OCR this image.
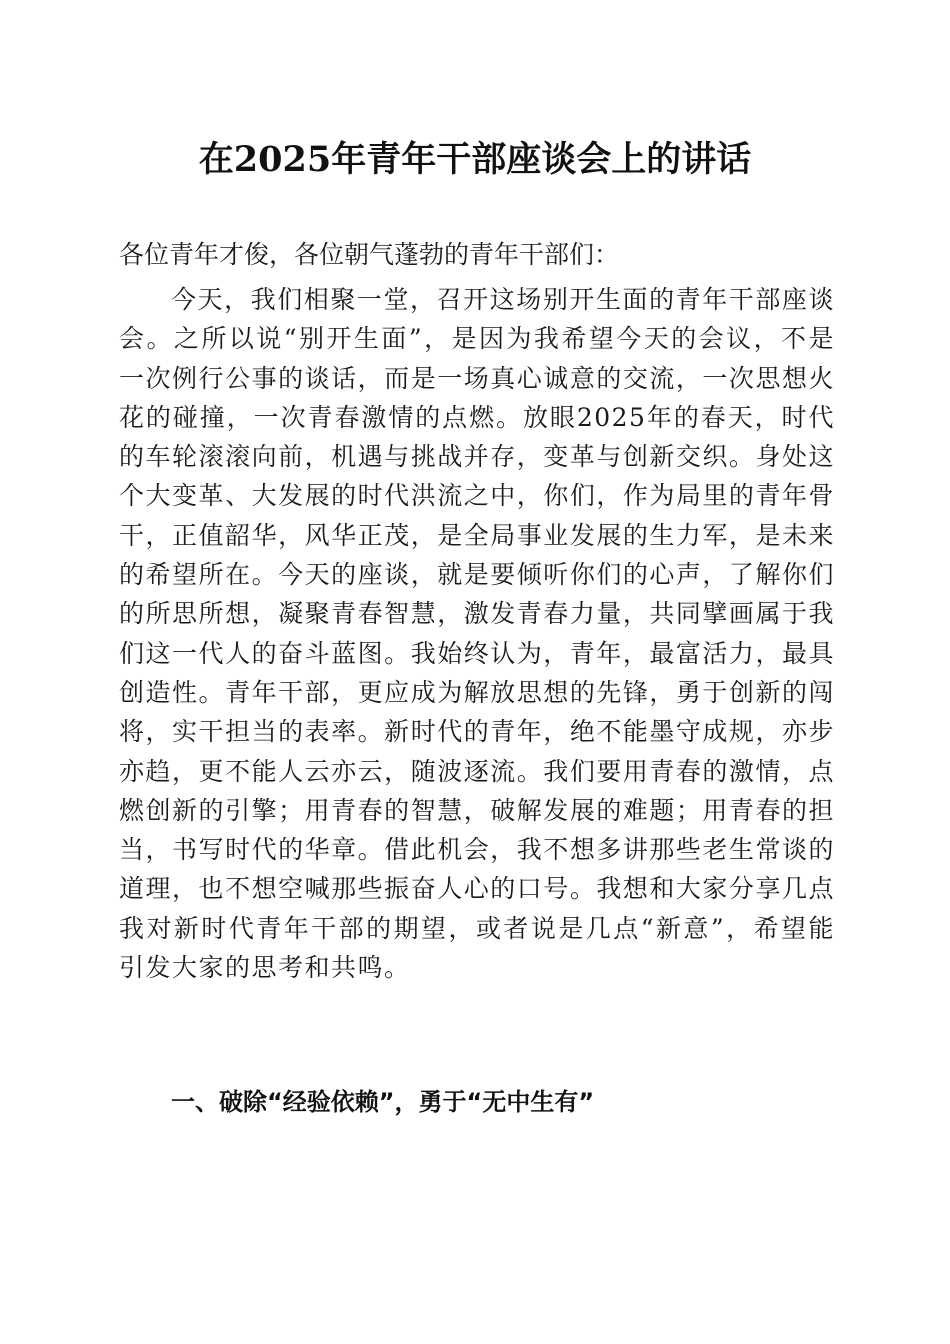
在2025年青年干部座谈会上的讲话

各位青年才俊，各位朝气蓬勃的青年干部们：

今天，我们相聚一堂，召开这场别开生面的青年干部座谈会。之所以说“别开生面”，是因为我希望今天的会议，不是一次例行公事的谈话，而是一场真心诚意的交流，一次思想火花的碰撞，一次青春激情的点燃。放眼2025年的春天，时代的车轮滚滚向前，机遇与挑战并存，变革与创新交织。身处这个大变革、大发展的时代洪流之中，你们，作为局里的青年骨干，正值韶华，风华正茂，是全局事业发展的生力军，是未来的希望所在。今天的座谈，就是要倾听你们的心声，了解你们的所思所想，凝聚青春智慧，激发青春力量，共同擘画属于我们这一代人的奋斗蓝图。我始终认为，青年，最富活力，最具创造性。青年干部，更应成为解放思想的先锋，勇于创新的闯将，实干担当的表率。新时代的青年，绝不能墨守成规，亦步亦趋，更不能人云亦云，随波逐流。我们要用青春的激情，点燃创新的引擎；用青春的智慧，破解发展的难题；用青春的担当，书写时代的华章。借此机会，我不想多讲那些老生常谈的道理，也不想空喊那些振奋人心的口号。我想和大家分享几点我对新时代青年干部的期望，或者说是几点“新意”，希望能引发大家的思考和共鸣。

一、破除“经验依赖”，勇于“无中生有”
